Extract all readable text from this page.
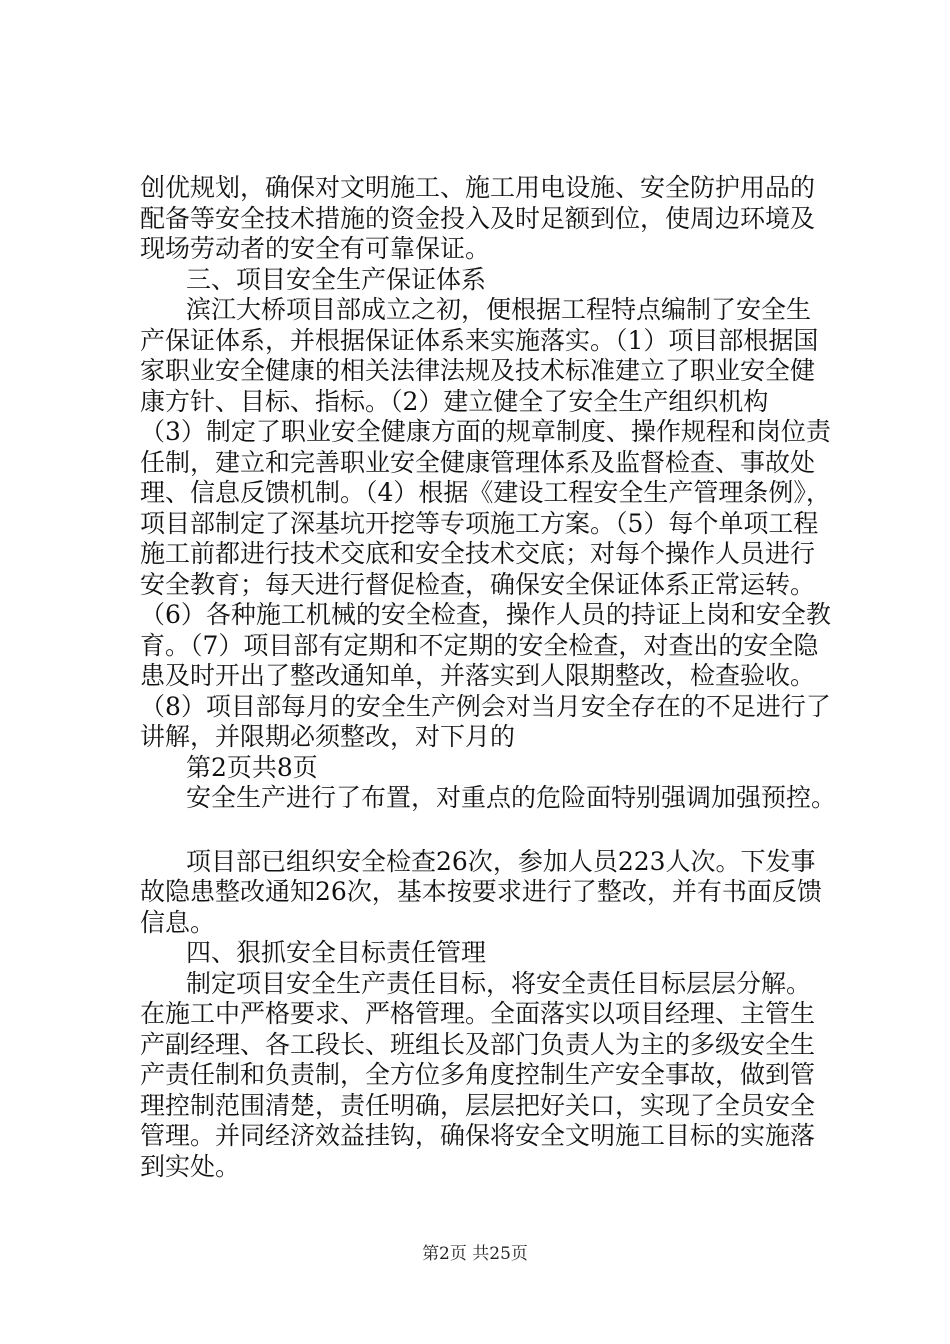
创优规划，确保对文明施工、施工用电设施、安全防护用品的
配备等安全技术措施的资金投入及时足额到位，使周边环境及
现场劳动者的安全有可靠保证。
三、项目安全生产保证体系
滨江大桥项目部成立之初，便根据工程特点编制了安全生
产保证体系，并根据保证体系来实施落实。（1）项目部根据国
家职业安全健康的相关法律法规及技术标准建立了职业安全健
康方针、目标、指标。（2）建立健全了安全生产组织机构
（3）制定了职业安全健康方面的规章制度、操作规程和岗位责
任制，建立和完善职业安全健康管理体系及监督检查、事故处
理、信息反馈机制。（4）根据《建设工程安全生产管理条例》，
项目部制定了深基坑开挖等专项施工方案。（5）每个单项工程
施工前都进行技术交底和安全技术交底；对每个操作人员进行
安全教育；每天进行督促检查，确保安全保证体系正常运转。
（6）各种施工机械的安全检查，操作人员的持证上岗和安全教
育。（7）项目部有定期和不定期的安全检查，对查出的安全隐
患及时开出了整改通知单，并落实到人限期整改，检查验收。
（8）项目部每月的安全生产例会对当月安全存在的不足进行了
讲解，并限期必须整改，对下月的
第2页共8页
安全生产进行了布置，对重点的危险面特别强调加强预控。
项目部已组织安全检查26次，参加人员223人次。下发事
故隐患整改通知26次，基本按要求进行了整改，并有书面反馈
信息。
四、狠抓安全目标责任管理
制定项目安全生产责任目标，将安全责任目标层层分解。
在施工中严格要求、严格管理。全面落实以项目经理、主管生
产副经理、各工段长、班组长及部门负责人为主的多级安全生
产责任制和负责制，全方位多角度控制生产安全事故，做到管
理控制范围清楚，责任明确，层层把好关口，实现了全员安全
管理。并同经济效益挂钩，确保将安全文明施工目标的实施落
到实处。
第2页 共25页
